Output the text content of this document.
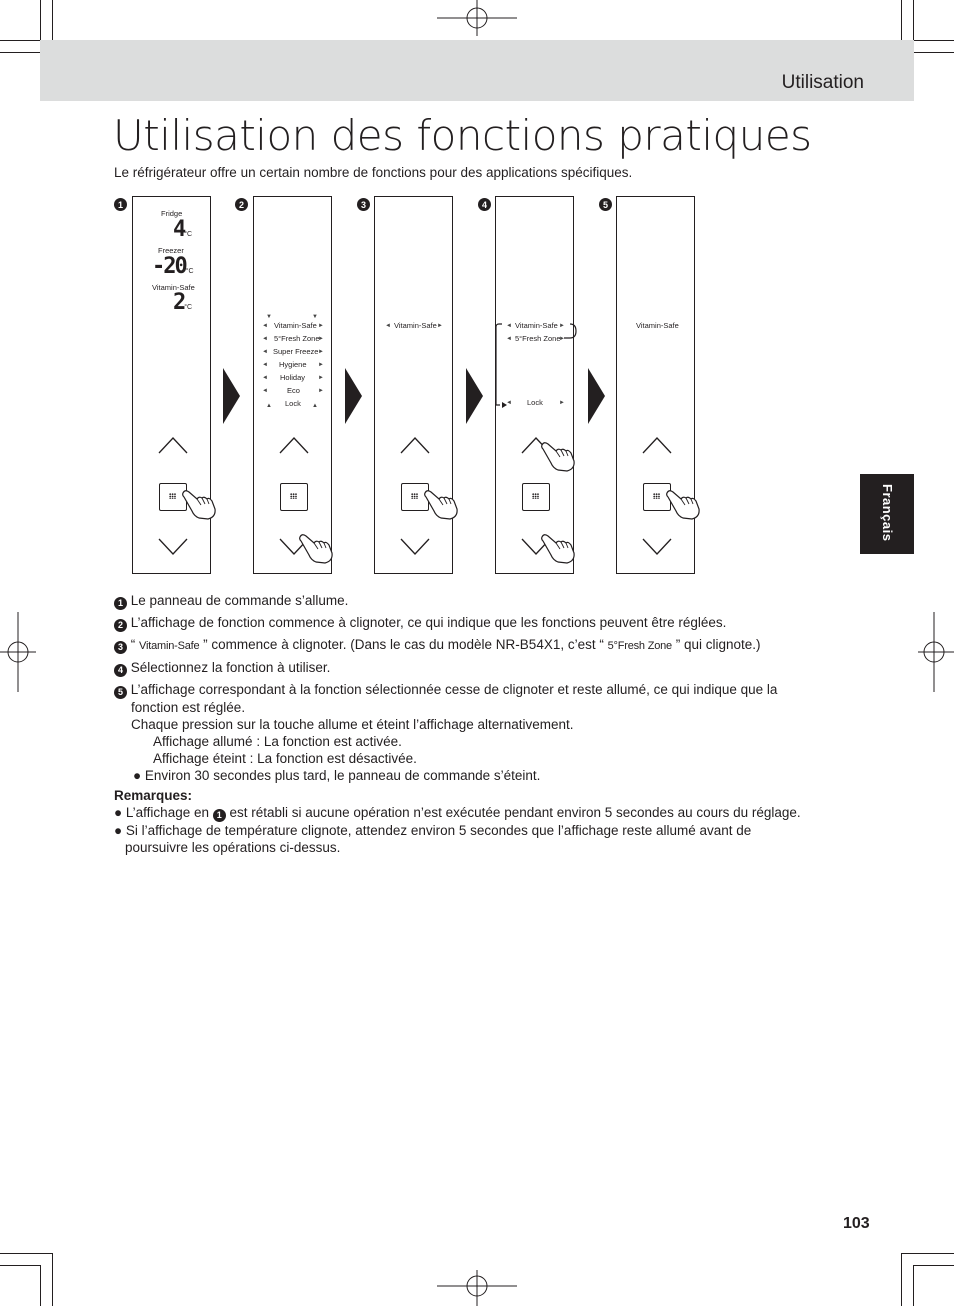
Utilisation
Utilisation des fonctions pratiques
Le réfrigérateur offre un certain nombre de fonctions pour des applications spécifiques.
1	2	3	4	5
Fridge
4°C
Freezer
-20°C
Vitamin-Safe
2°C
▼	▼
Vitamin-Safe
5°Fresh Zone
Super Freeze
Hygiene
Holiday
Eco
Lock
◄	►
◄	►
◄	►
◄	►
◄	►
◄	►
▲	▲
◄ Vitamin-Safe ►	◄ Vitamin-Safe ►
◄ 5°Fresh Zone
►
◄ Lock	►
Vitamin-Safe

1 Le panneau de commande s’allume.

2 L’affichage de fonction commence à clignoter, ce qui indique que les fonctions peuvent être réglées.

3 “ Vitamin-Safe ” commence à clignoter. (Dans le cas du modèle NR-B54X1, c’est “ 5°Fresh Zone ” qui clignote.)

4 Sélectionnez la fonction à utiliser.

5 L’affichage correspondant à la fonction sélectionnée cesse de clignoter et reste allumé, ce qui indique que la

fonction est réglée.

Chaque pression sur la touche allume et éteint l’affichage alternativement.

Affichage allumé : La fonction est activée.

Affichage éteint : La fonction est désactivée.

● Environ 30 secondes plus tard, le panneau de commande s’éteint.

Remarques:

● L’affichage en 1 est rétabli si aucune opération n’est exécutée pendant environ 5 secondes au cours du réglage.

● Si l’affichage de température clignote, attendez environ 5 secondes que l’affichage reste allumé avant de

poursuivre les opérations ci-dessus.

Français
103
